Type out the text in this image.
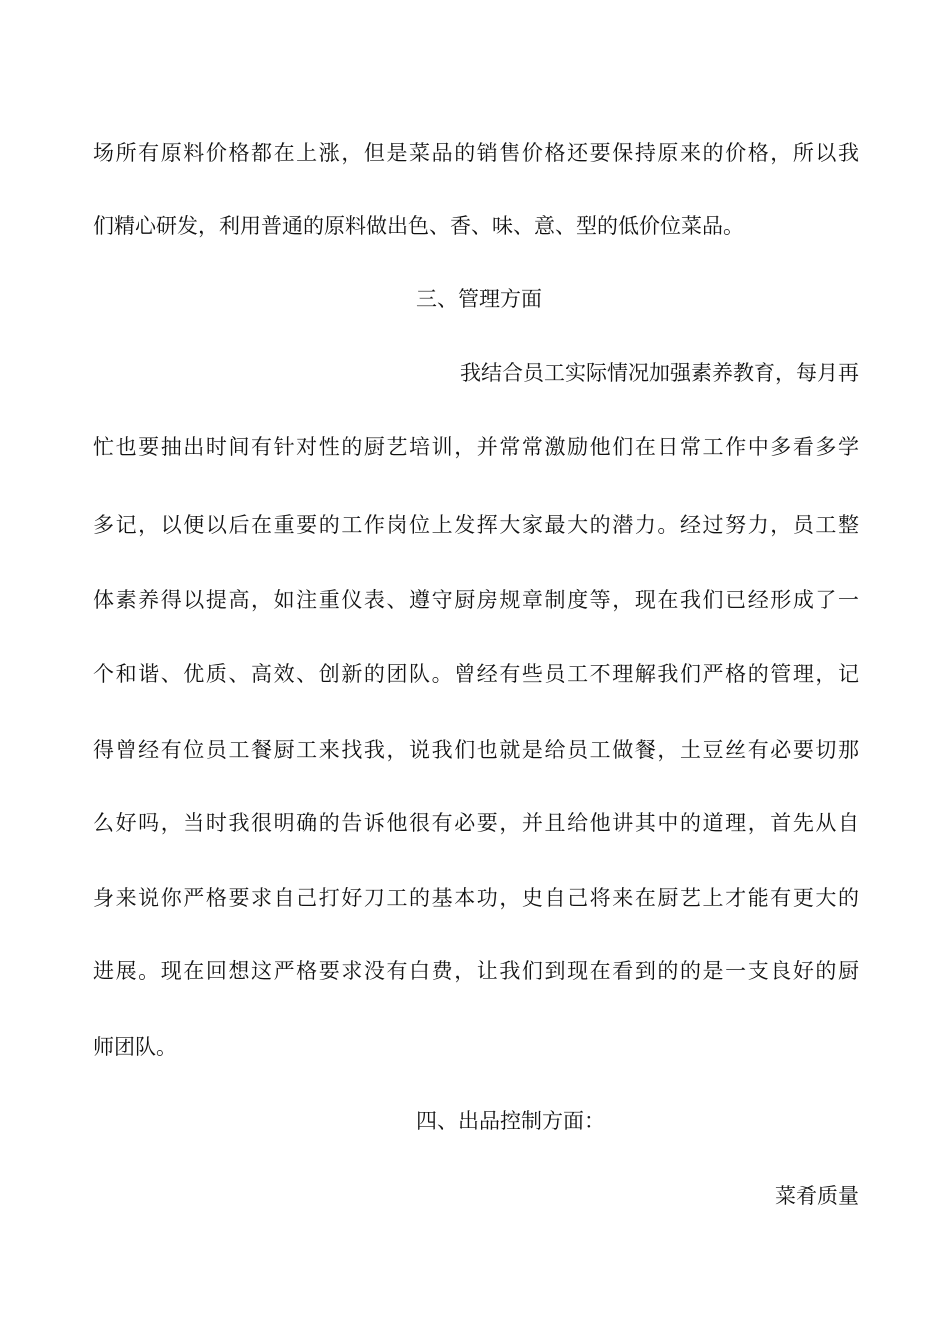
场所有原料价格都在上涨，但是菜品的销售价格还要保持原来的价格，所以我
们精心研发，利用普通的原料做出色、香、味、意、型的低价位菜品。
三、管理方面
我结合员工实际情况加强素养教育，每月再
忙也要抽出时间有针对性的厨艺培训，并常常激励他们在日常工作中多看多学
多记，以便以后在重要的工作岗位上发挥大家最大的潜力。经过努力，员工整
体素养得以提高，如注重仪表、遵守厨房规章制度等，现在我们已经形成了一
个和谐、优质、高效、创新的团队。曾经有些员工不理解我们严格的管理，记
得曾经有位员工餐厨工来找我，说我们也就是给员工做餐，土豆丝有必要切那
么好吗，当时我很明确的告诉他很有必要，并且给他讲其中的道理，首先从自
身来说你严格要求自己打好刀工的基本功，史自己将来在厨艺上才能有更大的
进展。现在回想这严格要求没有白费，让我们到现在看到的的是一支良好的厨
师团队。
四、出品控制方面：
菜肴质量
